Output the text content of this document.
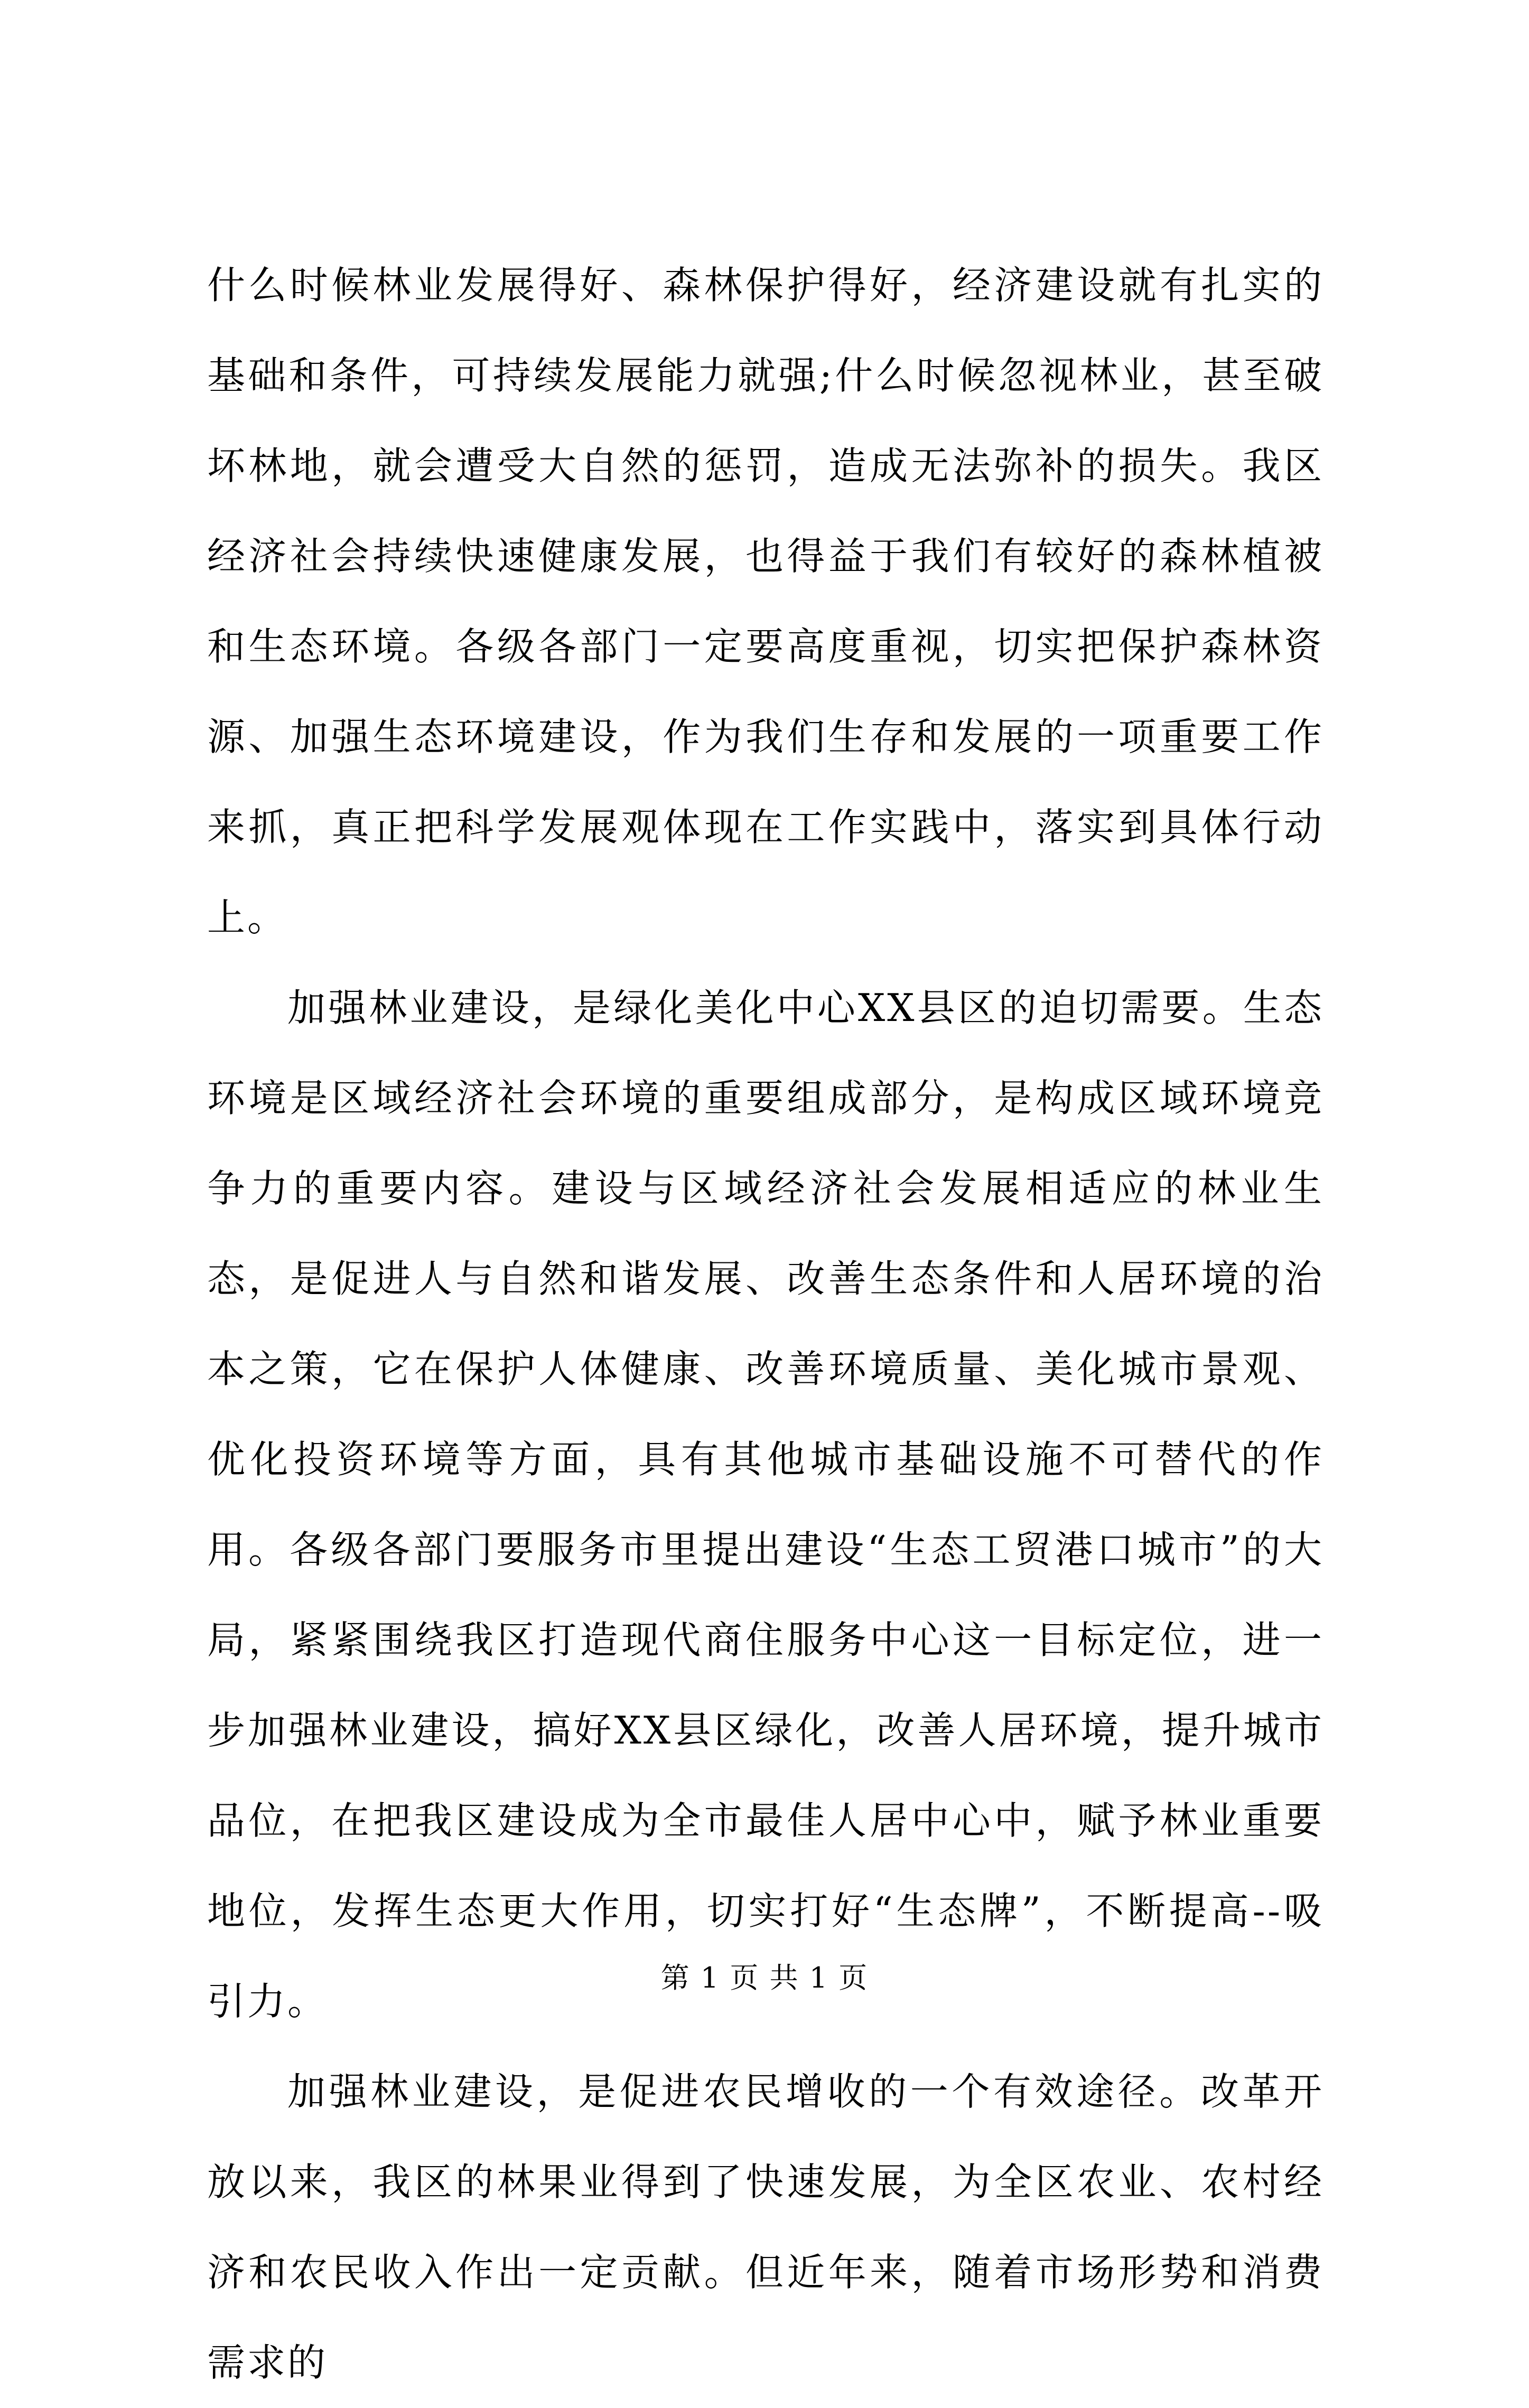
什么时候林业发展得好、森林保护得好，经济建设就有扎实的基础和条件，可持续发展能力就强;什么时候忽视林业，甚至破坏林地，就会遭受大自然的惩罚，造成无法弥补的损失。我区经济社会持续快速健康发展，也得益于我们有较好的森林植被和生态环境。各级各部门一定要高度重视，切实把保护森林资源、加强生态环境建设，作为我们生存和发展的一项重要工作来抓，真正把科学发展观体现在工作实践中，落实到具体行动上。

加强林业建设，是绿化美化中心XX县区的迫切需要。生态环境是区域经济社会环境的重要组成部分，是构成区域环境竞争力的重要内容。建设与区域经济社会发展相适应的林业生态，是促进人与自然和谐发展、改善生态条件和人居环境的治本之策，它在保护人体健康、改善环境质量、美化城市景观、优化投资环境等方面，具有其他城市基础设施不可替代的作用。各级各部门要服务市里提出建设“生态工贸港口城市”的大局，紧紧围绕我区打造现代商住服务中心这一目标定位，进一步加强林业建设，搞好XX县区绿化，改善人居环境，提升城市品位，在把我区建设成为全市最佳人居中心中，赋予林业重要地位，发挥生态更大作用，切实打好“生态牌”，不断提高--吸引力。

加强林业建设，是促进农民增收的一个有效途径。改革开放以来，我区的林果业得到了快速发展，为全区农业、农村经济和农民收入作出一定贡献。但近年来，随着市场形势和消费需求的

第 1 页 共 1 页
